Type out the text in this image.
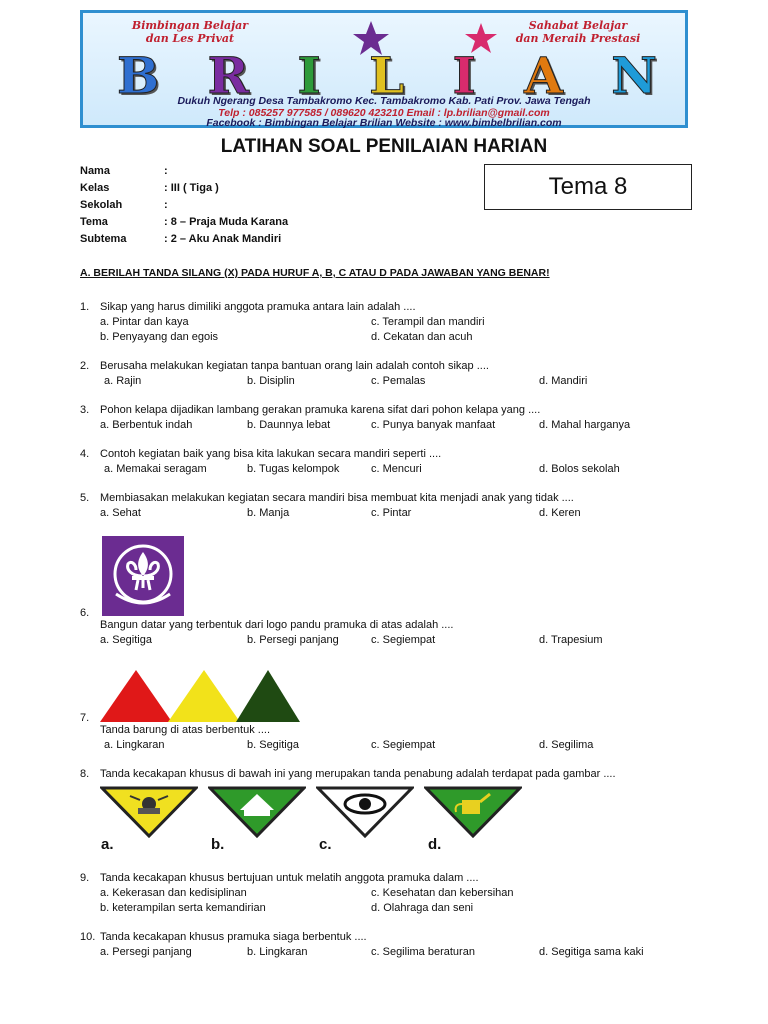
Bimbingan Belajar
dan Les Privat
Sahabat Belajar
dan Meraih Prestasi
B R I L I A N
Dukuh Ngerang Desa Tambakromo Kec. Tambakromo Kab. Pati Prov. Jawa Tengah
Telp : 085257 977585 / 089620 423210 Email : lp.brilian@gmail.com
Facebook : Bimbingan Belajar Brilian Website : www.bimbelbrilian.com
LATIHAN SOAL PENILAIAN HARIAN
Nama	:
Kelas	: III ( Tiga )
Sekolah	:
Tema	: 8 – Praja Muda Karana
Subtema	: 2 – Aku Anak Mandiri
Tema 8
A. BERILAH TANDA SILANG (X) PADA HURUF A, B, C ATAU D PADA JAWABAN YANG BENAR!
1. Sikap yang harus dimiliki anggota pramuka antara lain adalah ....
a. Pintar dan kaya	c. Terampil dan mandiri
b. Penyayang dan egois	d. Cekatan dan acuh
2. Berusaha melakukan kegiatan tanpa bantuan orang lain adalah contoh sikap ....
a. Rajin	b. Disiplin	c. Pemalas	d. Mandiri
3. Pohon kelapa dijadikan lambang gerakan pramuka karena sifat dari pohon kelapa yang ....
a. Berbentuk indah	b. Daunnya lebat	c. Punya banyak manfaat	d. Mahal harganya
4. Contoh kegiatan baik yang bisa kita lakukan secara mandiri seperti ....
a. Memakai seragam	b. Tugas kelompok	c. Mencuri	d. Bolos sekolah
5. Membiasakan melakukan kegiatan secara mandiri bisa membuat kita menjadi anak yang tidak ....
a. Sehat	b. Manja	c. Pintar	d. Keren
6.
Bangun datar yang terbentuk dari logo pandu pramuka di atas adalah ....
a. Segitiga	b. Persegi panjang	c. Segiempat	d. Trapesium
7.
Tanda barung di atas berbentuk ....
a. Lingkaran	b. Segitiga	c. Segiempat	d. Segilima
8. Tanda kecakapan khusus di bawah ini yang merupakan tanda penabung adalah terdapat pada gambar ....
a.	b.	c.	d.
9. Tanda kecakapan khusus bertujuan untuk melatih anggota pramuka dalam ....
a. Kekerasan dan kedisiplinan	c. Kesehatan dan kebersihan
b. keterampilan serta kemandirian	d. Olahraga dan seni
10. Tanda kecakapan khusus pramuka siaga berbentuk ....
a. Persegi panjang	b. Lingkaran	c. Segilima beraturan	d. Segitiga sama kaki
